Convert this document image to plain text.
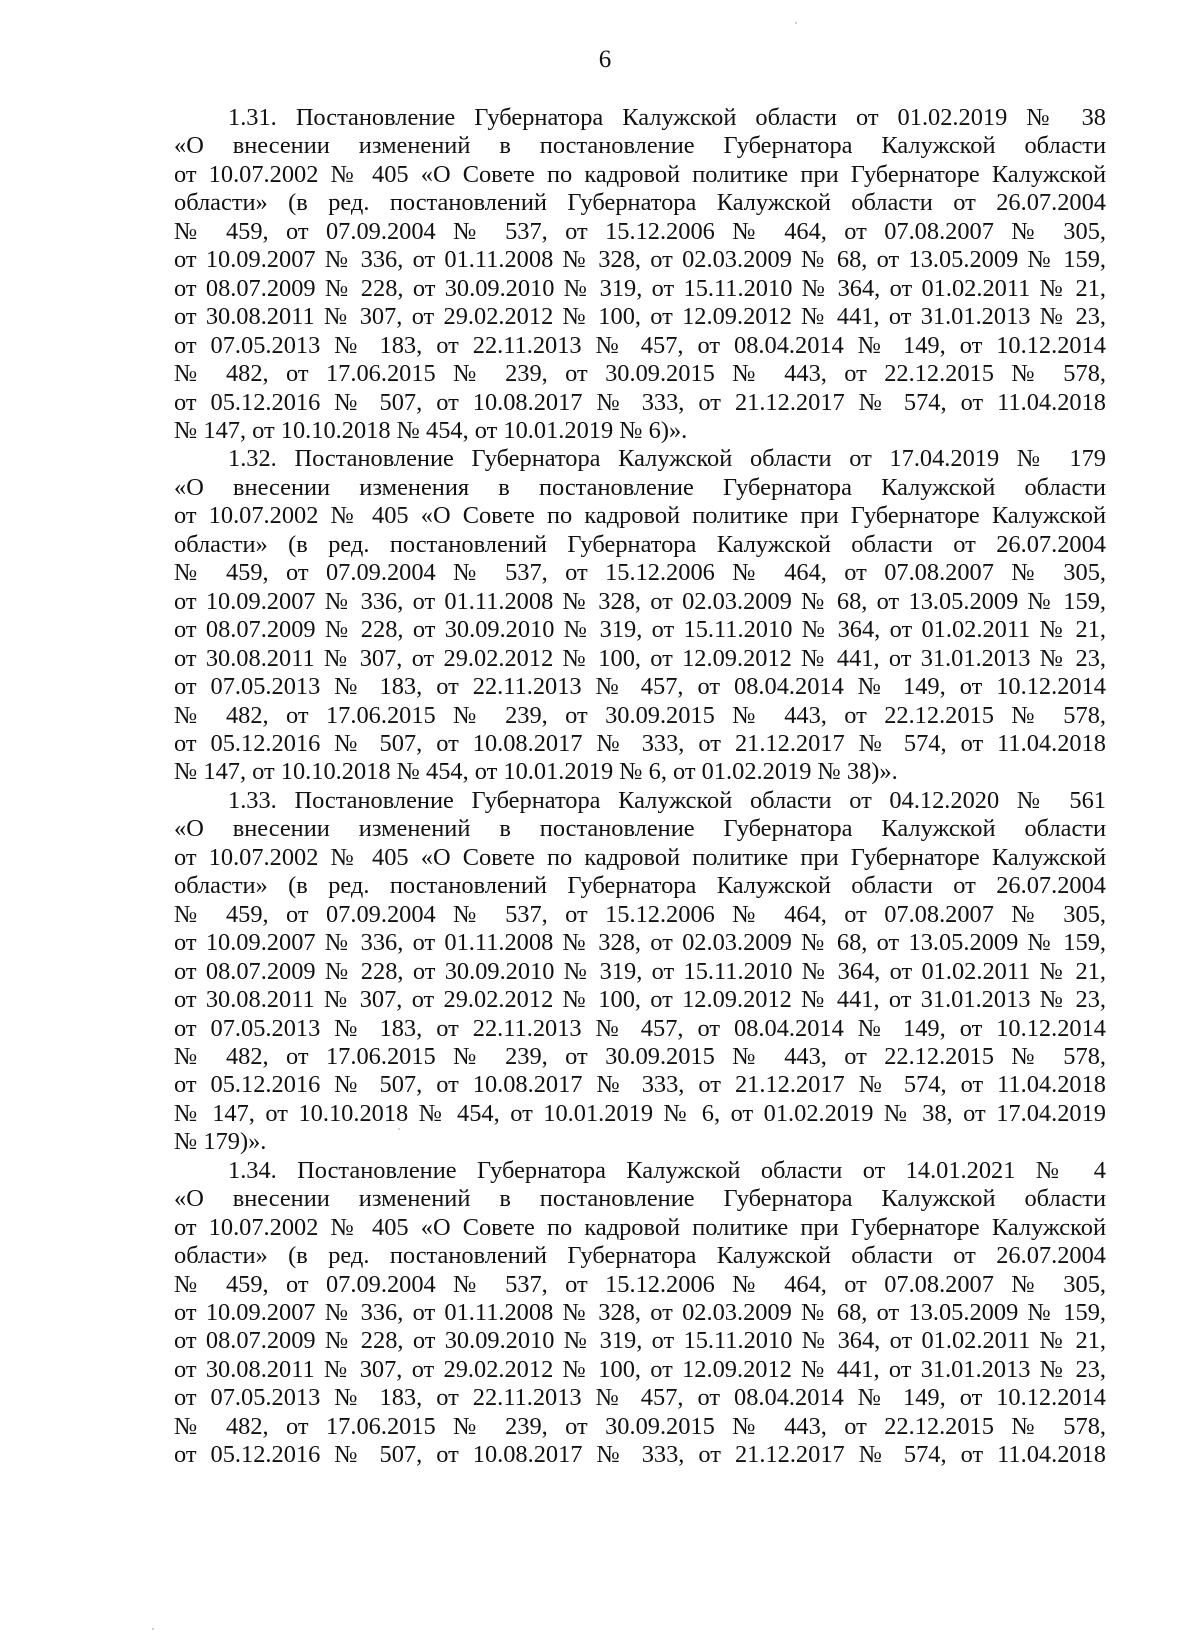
6
1.31. Постановление Губернатора Калужской области от 01.02.2019 № 38
«О внесении изменений в постановление Губернатора Калужской области
от 10.07.2002 № 405 «О Совете по кадровой политике при Губернаторе Калужской
области» (в ред. постановлений Губернатора Калужской области от 26.07.2004
№ 459, от 07.09.2004 № 537, от 15.12.2006 № 464, от 07.08.2007 № 305,
от 10.09.2007 № 336, от 01.11.2008 № 328, от 02.03.2009 № 68, от 13.05.2009 № 159,
от 08.07.2009 № 228, от 30.09.2010 № 319, от 15.11.2010 № 364, от 01.02.2011 № 21,
от 30.08.2011 № 307, от 29.02.2012 № 100, от 12.09.2012 № 441, от 31.01.2013 № 23,
от 07.05.2013 № 183, от 22.11.2013 № 457, от 08.04.2014 № 149, от 10.12.2014
№ 482, от 17.06.2015 № 239, от 30.09.2015 № 443, от 22.12.2015 № 578,
от 05.12.2016 № 507, от 10.08.2017 № 333, от 21.12.2017 № 574, от 11.04.2018
№ 147, от 10.10.2018 № 454, от 10.01.2019 № 6)».
1.32. Постановление Губернатора Калужской области от 17.04.2019 № 179
«О внесении изменения в постановление Губернатора Калужской области
от 10.07.2002 № 405 «О Совете по кадровой политике при Губернаторе Калужской
области» (в ред. постановлений Губернатора Калужской области от 26.07.2004
№ 459, от 07.09.2004 № 537, от 15.12.2006 № 464, от 07.08.2007 № 305,
от 10.09.2007 № 336, от 01.11.2008 № 328, от 02.03.2009 № 68, от 13.05.2009 № 159,
от 08.07.2009 № 228, от 30.09.2010 № 319, от 15.11.2010 № 364, от 01.02.2011 № 21,
от 30.08.2011 № 307, от 29.02.2012 № 100, от 12.09.2012 № 441, от 31.01.2013 № 23,
от 07.05.2013 № 183, от 22.11.2013 № 457, от 08.04.2014 № 149, от 10.12.2014
№ 482, от 17.06.2015 № 239, от 30.09.2015 № 443, от 22.12.2015 № 578,
от 05.12.2016 № 507, от 10.08.2017 № 333, от 21.12.2017 № 574, от 11.04.2018
№ 147, от 10.10.2018 № 454, от 10.01.2019 № 6, от 01.02.2019 № 38)».
1.33. Постановление Губернатора Калужской области от 04.12.2020 № 561
«О внесении изменений в постановление Губернатора Калужской области
от 10.07.2002 № 405 «О Совете по кадровой политике при Губернаторе Калужской
области» (в ред. постановлений Губернатора Калужской области от 26.07.2004
№ 459, от 07.09.2004 № 537, от 15.12.2006 № 464, от 07.08.2007 № 305,
от 10.09.2007 № 336, от 01.11.2008 № 328, от 02.03.2009 № 68, от 13.05.2009 № 159,
от 08.07.2009 № 228, от 30.09.2010 № 319, от 15.11.2010 № 364, от 01.02.2011 № 21,
от 30.08.2011 № 307, от 29.02.2012 № 100, от 12.09.2012 № 441, от 31.01.2013 № 23,
от 07.05.2013 № 183, от 22.11.2013 № 457, от 08.04.2014 № 149, от 10.12.2014
№ 482, от 17.06.2015 № 239, от 30.09.2015 № 443, от 22.12.2015 № 578,
от 05.12.2016 № 507, от 10.08.2017 № 333, от 21.12.2017 № 574, от 11.04.2018
№ 147, от 10.10.2018 № 454, от 10.01.2019 № 6, от 01.02.2019 № 38, от 17.04.2019
№ 179)».
1.34. Постановление Губернатора Калужской области от 14.01.2021 № 4
«О внесении изменений в постановление Губернатора Калужской области
от 10.07.2002 № 405 «О Совете по кадровой политике при Губернаторе Калужской
области» (в ред. постановлений Губернатора Калужской области от 26.07.2004
№ 459, от 07.09.2004 № 537, от 15.12.2006 № 464, от 07.08.2007 № 305,
от 10.09.2007 № 336, от 01.11.2008 № 328, от 02.03.2009 № 68, от 13.05.2009 № 159,
от 08.07.2009 № 228, от 30.09.2010 № 319, от 15.11.2010 № 364, от 01.02.2011 № 21,
от 30.08.2011 № 307, от 29.02.2012 № 100, от 12.09.2012 № 441, от 31.01.2013 № 23,
от 07.05.2013 № 183, от 22.11.2013 № 457, от 08.04.2014 № 149, от 10.12.2014
№ 482, от 17.06.2015 № 239, от 30.09.2015 № 443, от 22.12.2015 № 578,
от 05.12.2016 № 507, от 10.08.2017 № 333, от 21.12.2017 № 574, от 11.04.2018
